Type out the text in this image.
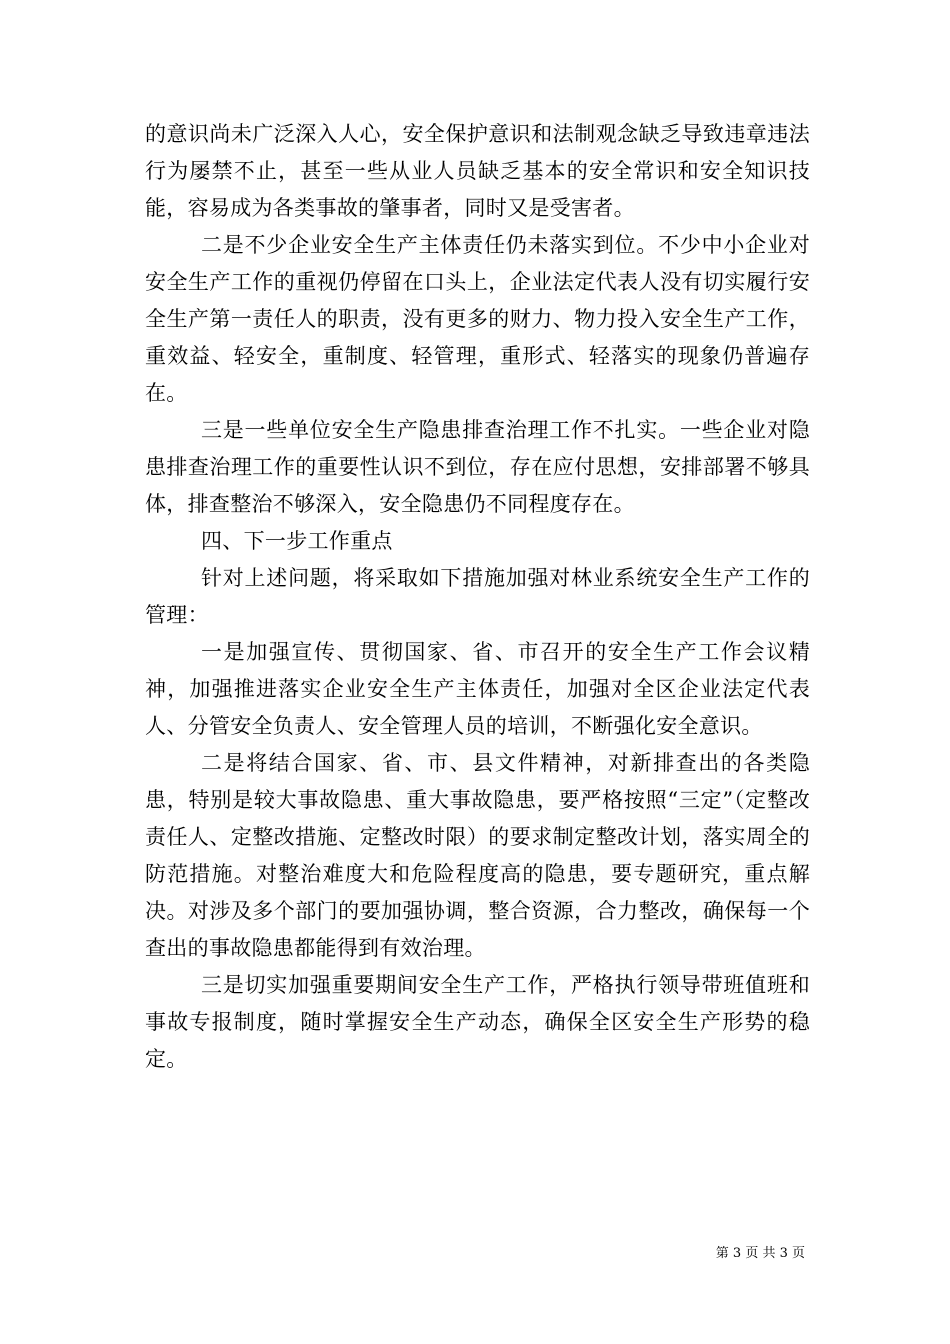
的意识尚未广泛深入人心，安全保护意识和法制观念缺乏导致违章违法行为屡禁不止，甚至一些从业人员缺乏基本的安全常识和安全知识技能，容易成为各类事故的肇事者，同时又是受害者。

二是不少企业安全生产主体责任仍未落实到位。不少中小企业对安全生产工作的重视仍停留在口头上，企业法定代表人没有切实履行安全生产第一责任人的职责，没有更多的财力、物力投入安全生产工作，重效益、轻安全，重制度、轻管理，重形式、轻落实的现象仍普遍存在。

三是一些单位安全生产隐患排查治理工作不扎实。一些企业对隐患排查治理工作的重要性认识不到位，存在应付思想，安排部署不够具体，排查整治不够深入，安全隐患仍不同程度存在。

四、下一步工作重点

针对上述问题，将采取如下措施加强对林业系统安全生产工作的管理：

一是加强宣传、贯彻国家、省、市召开的安全生产工作会议精神，加强推进落实企业安全生产主体责任，加强对全区企业法定代表人、分管安全负责人、安全管理人员的培训，不断强化安全意识。

二是将结合国家、省、市、县文件精神，对新排查出的各类隐患，特别是较大事故隐患、重大事故隐患，要严格按照“三定”（定整改责任人、定整改措施、定整改时限）的要求制定整改计划，落实周全的防范措施。对整治难度大和危险程度高的隐患，要专题研究，重点解决。对涉及多个部门的要加强协调，整合资源，合力整改，确保每一个查出的事故隐患都能得到有效治理。

三是切实加强重要期间安全生产工作，严格执行领导带班值班和事故专报制度，随时掌握安全生产动态，确保全区安全生产形势的稳定。

第 3 页 共 3 页
